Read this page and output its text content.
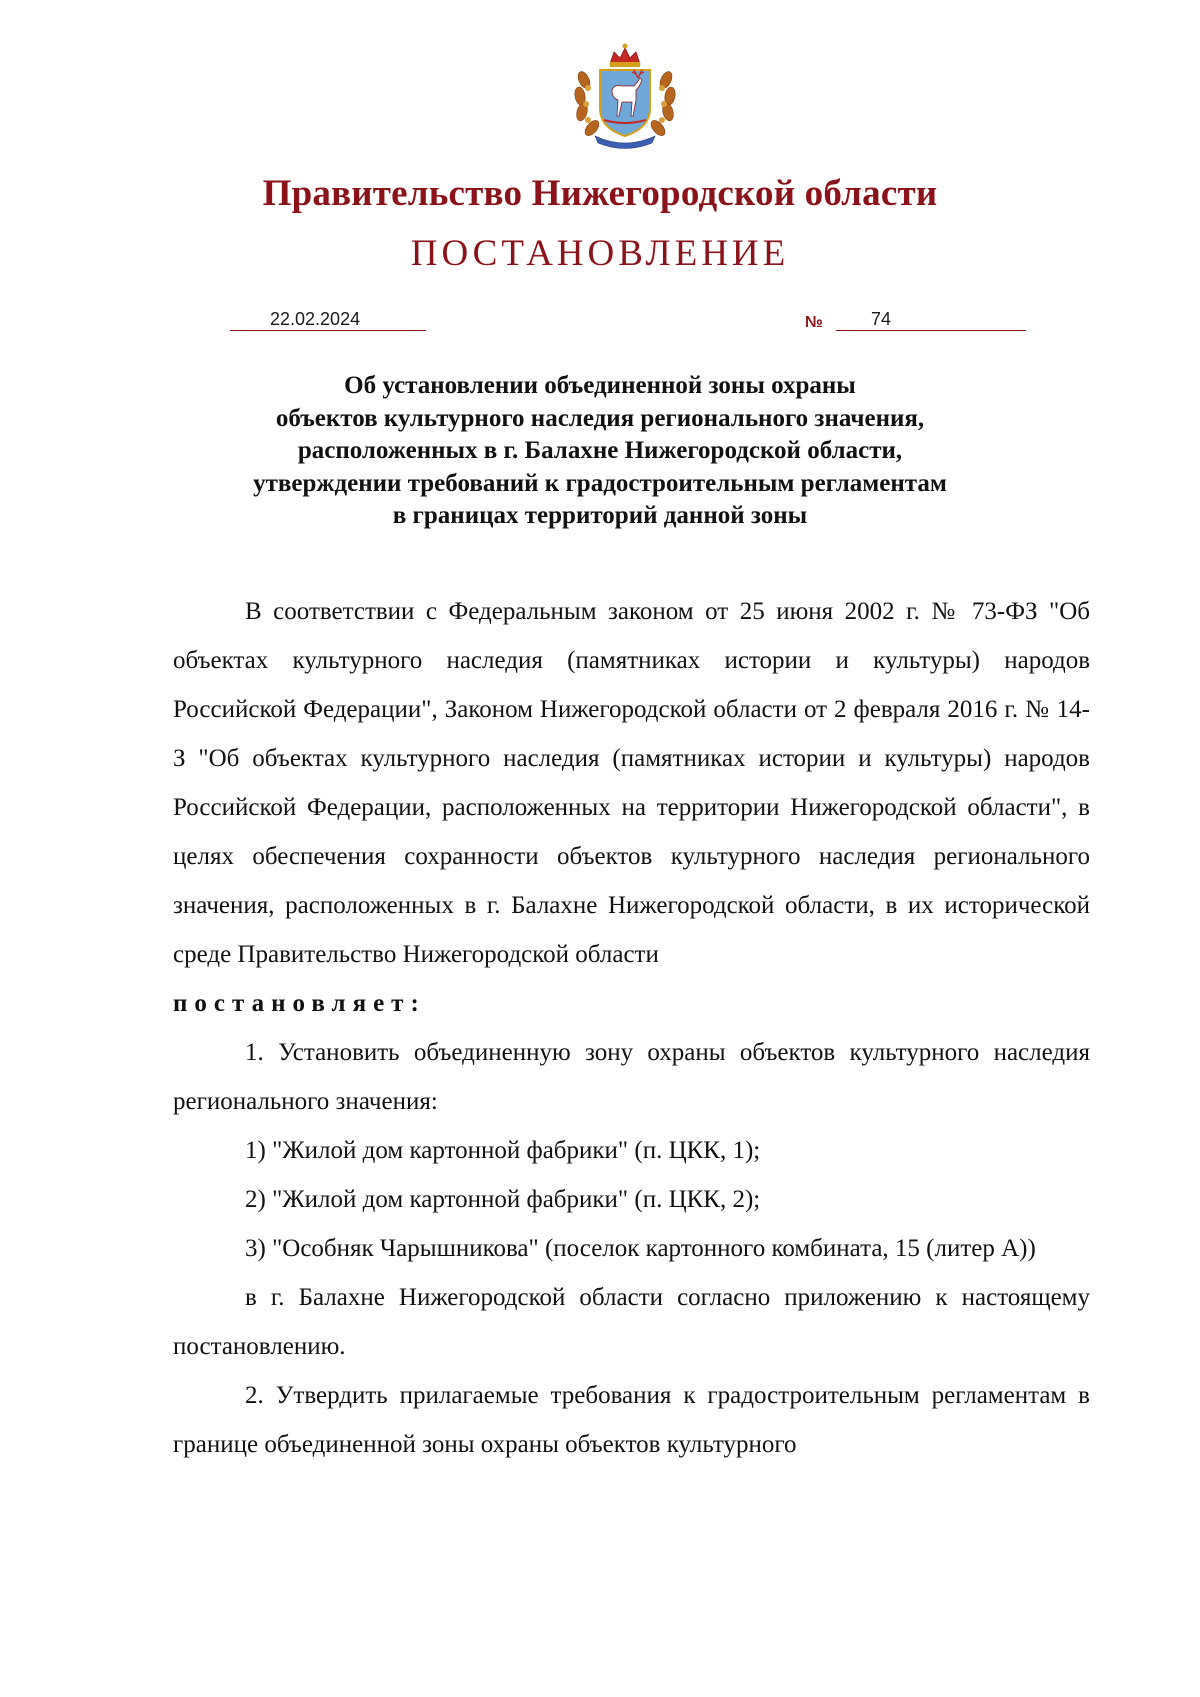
Правительство Нижегородской области
ПОСТАНОВЛЕНИЕ
22.02.2024	№	74
Об установлении объединенной зоны охраны
объектов культурного наследия регионального значения,
расположенных в г. Балахне Нижегородской области,
утверждении требований к градостроительным регламентам
в границах территорий данной зоны
В соответствии с Федеральным законом от 25 июня 2002 г. № 73-ФЗ "Об объектах культурного наследия (памятниках истории и культуры) народов Российской Федерации", Законом Нижегородской области от 2 февраля 2016 г. № 14-З "Об объектах культурного наследия (памятниках истории и культуры) народов Российской Федерации, расположенных на территории Нижегородской области", в целях обеспечения сохранности объектов культурного наследия регионального значения, расположенных в г. Балахне Нижегородской области, в их исторической среде Правительство Нижегородской области
постановляет:
1. Установить объединенную зону охраны объектов культурного наследия регионального значения:
1) "Жилой дом картонной фабрики" (п. ЦКК, 1);
2) "Жилой дом картонной фабрики" (п. ЦКК, 2);
3) "Особняк Чарышникова" (поселок картонного комбината, 15 (литер А))
в г. Балахне Нижегородской области согласно приложению к настоящему постановлению.
2. Утвердить прилагаемые требования к градостроительным регламентам в границе объединенной зоны охраны объектов культурного
